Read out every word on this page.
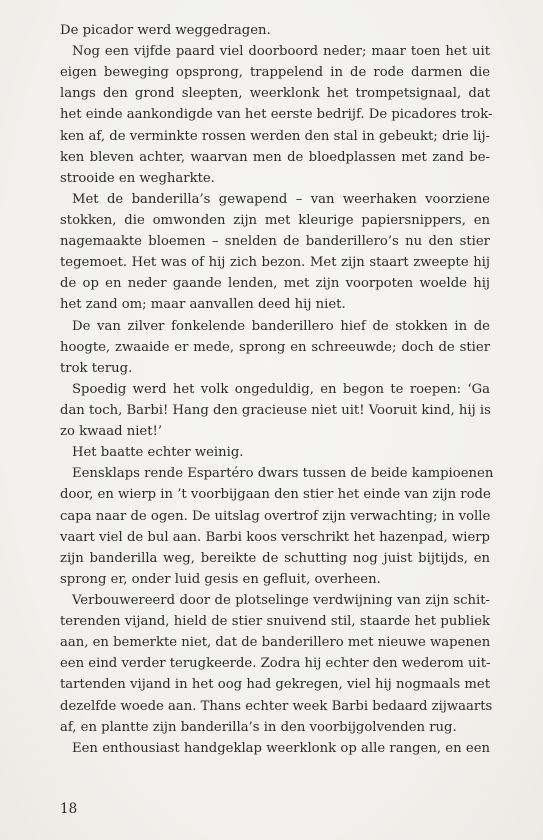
De picador werd weggedragen.
Nog een vijfde paard viel doorboord neder; maar toen het uit
eigen beweging opsprong, trappelend in de rode darmen die
langs den grond sleepten, weerklonk het trompetsignaal, dat
het einde aankondigde van het eerste bedrijf. De picadores trok-
ken af, de verminkte rossen werden den stal in gebeukt; drie lij-
ken bleven achter, waarvan men de bloedplassen met zand be-
strooide en wegharkte.
Met de banderilla’s gewapend – van weerhaken voorziene
stokken, die omwonden zijn met kleurige papiersnippers, en
nagemaakte bloemen – snelden de banderillero’s nu den stier
tegemoet. Het was of hij zich bezon. Met zijn staart zweepte hij
de op en neder gaande lenden, met zijn voorpoten woelde hij
het zand om; maar aanvallen deed hij niet.
De van zilver fonkelende banderillero hief de stokken in de
hoogte, zwaaide er mede, sprong en schreeuwde; doch de stier
trok terug.
Spoedig werd het volk ongeduldig, en begon te roepen: ‘Ga
dan toch, Barbi! Hang den gracieuse niet uit! Vooruit kind, hij is
zo kwaad niet!’
Het baatte echter weinig.
Eensklaps rende Espartéro dwars tussen de beide kampioenen
door, en wierp in ’t voorbijgaan den stier het einde van zijn rode
capa naar de ogen. De uitslag overtrof zijn verwachting; in volle
vaart viel de bul aan. Barbi koos verschrikt het hazenpad, wierp
zijn banderilla weg, bereikte de schutting nog juist bijtijds, en
sprong er, onder luid gesis en gefluit, overheen.
Verbouwereerd door de plotselinge verdwijning van zijn schit-
terenden vijand, hield de stier snuivend stil, staarde het publiek
aan, en bemerkte niet, dat de banderillero met nieuwe wapenen
een eind verder terugkeerde. Zodra hij echter den wederom uit-
tartenden vijand in het oog had gekregen, viel hij nogmaals met
dezelfde woede aan. Thans echter week Barbi bedaard zijwaarts
af, en plantte zijn banderilla’s in den voorbijgolvenden rug.
Een enthousiast handgeklap weerklonk op alle rangen, en een
18
